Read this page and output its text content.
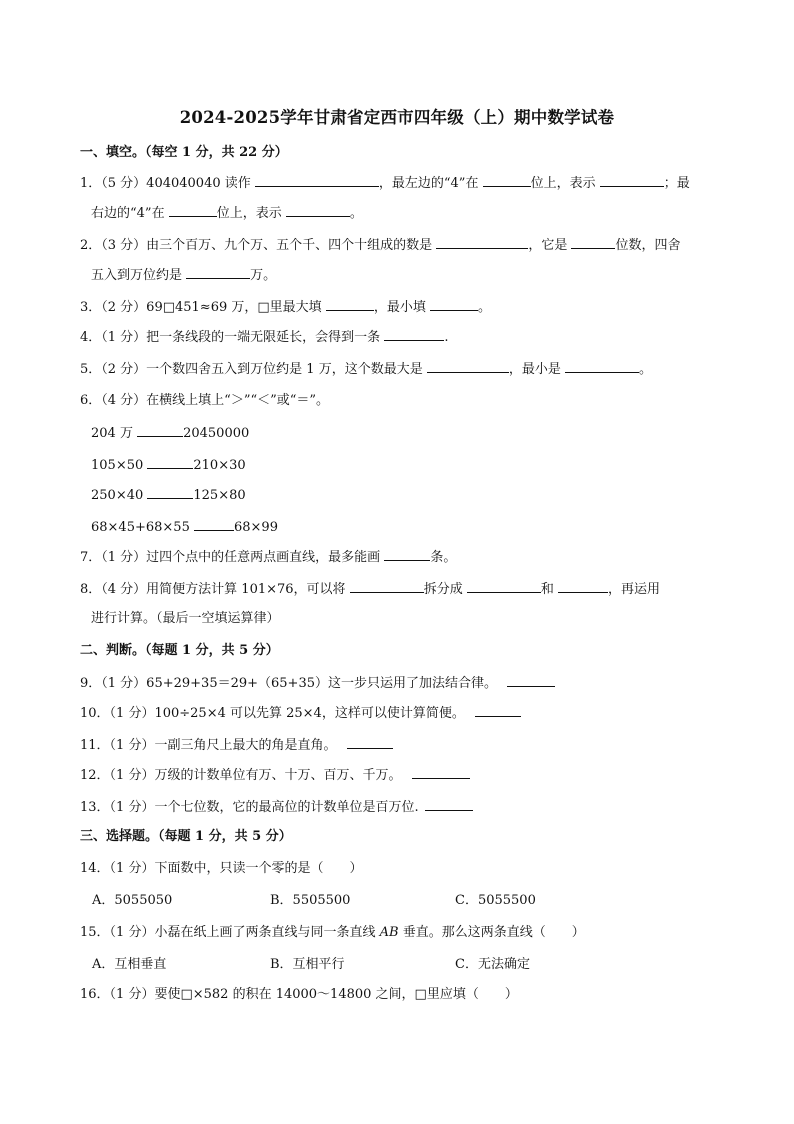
2024-2025学年甘肃省定西市四年级（上）期中数学试卷
一、填空。（每空 1 分，共 22 分）
1．（5 分）404040040 读作	，最左边的“4”在	位上，表示	；最
右边的“4”在	位上，表示	。
2．（3 分）由三个百万、九个万、五个千、四个十组成的数是	，它是	位数，四舍
五入到万位约是	万。
3．（2 分）69□451≈69 万，□里最大填	，最小填	。
4．（1 分）把一条线段的一端无限延长，会得到一条	.
5．（2 分）一个数四舍五入到万位约是 1 万，这个数最大是	，最小是	。
6．（4 分）在横线上填上“＞”“＜”或“＝”。
204 万	20450000
105×50	210×30
250×40	125×80
68×45+68×55	68×99
7．（1 分）过四个点中的任意两点画直线，最多能画	条。
8．（4 分）用简便方法计算 101×76，可以将	拆分成	和	，再运用
进行计算。（最后一空填运算律）
二、判断。（每题 1 分，共 5 分）
9．（1 分）65+29+35＝29+（65+35）这一步只运用了加法结合律。
10．（1 分）100÷25×4 可以先算 25×4，这样可以使计算简便。
11．（1 分）一副三角尺上最大的角是直角。
12．（1 分）万级的计数单位有万、十万、百万、千万。
13．（1 分）一个七位数，它的最高位的计数单位是百万位.
三、选择题。（每题 1 分，共 5 分）
14．（1 分）下面数中，只读一个零的是（　　）
A．5055050	B．5505500	C．5055500
15．（1 分）小磊在纸上画了两条直线与同一条直线 AB 垂直。那么这两条直线（　　）
A．互相垂直	B．互相平行	C．无法确定
16．（1 分）要使□×582 的积在 14000～14800 之间，□里应填（　　）
